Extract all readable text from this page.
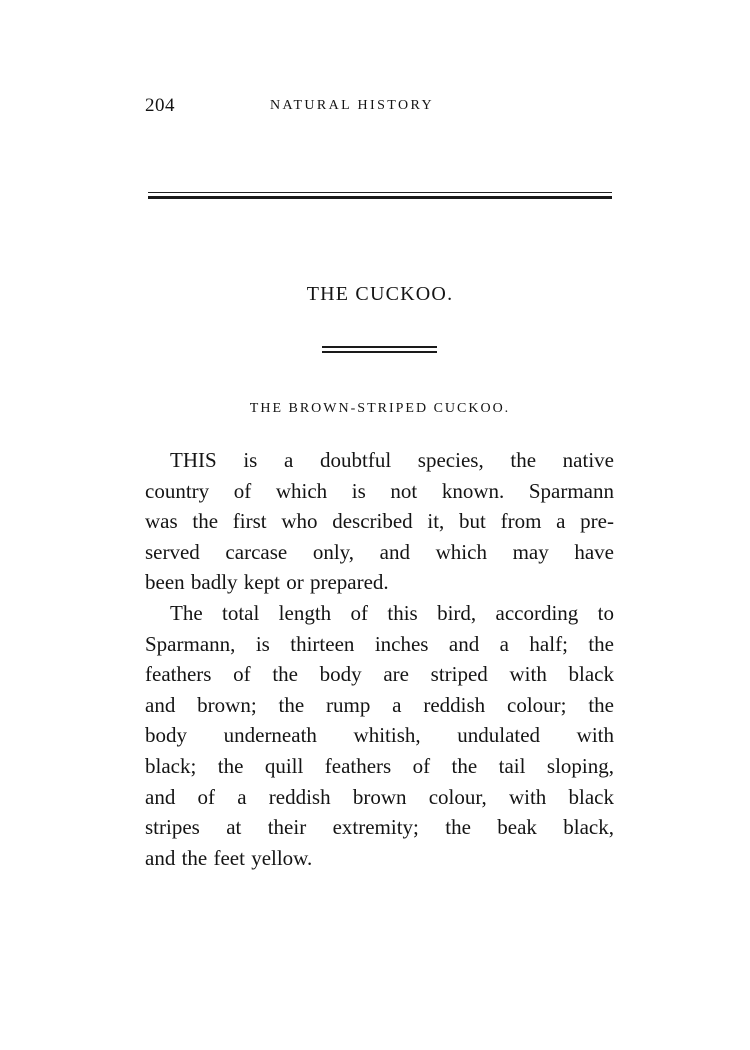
204	NATURAL HISTORY
THE CUCKOO.
THE BROWN-STRIPED CUCKOO.

THIS is a doubtful species, the native
country of which is not known. Sparmann
was the first who described it, but from a pre-
served carcase only, and which may have
been badly kept or prepared.

The total length of this bird, according to
Sparmann, is thirteen inches and a half; the
feathers of the body are striped with black
and brown; the rump a reddish colour; the
body underneath whitish, undulated with
black; the quill feathers of the tail sloping,
and of a reddish brown colour, with black
stripes at their extremity; the beak black,
and the feet yellow.
